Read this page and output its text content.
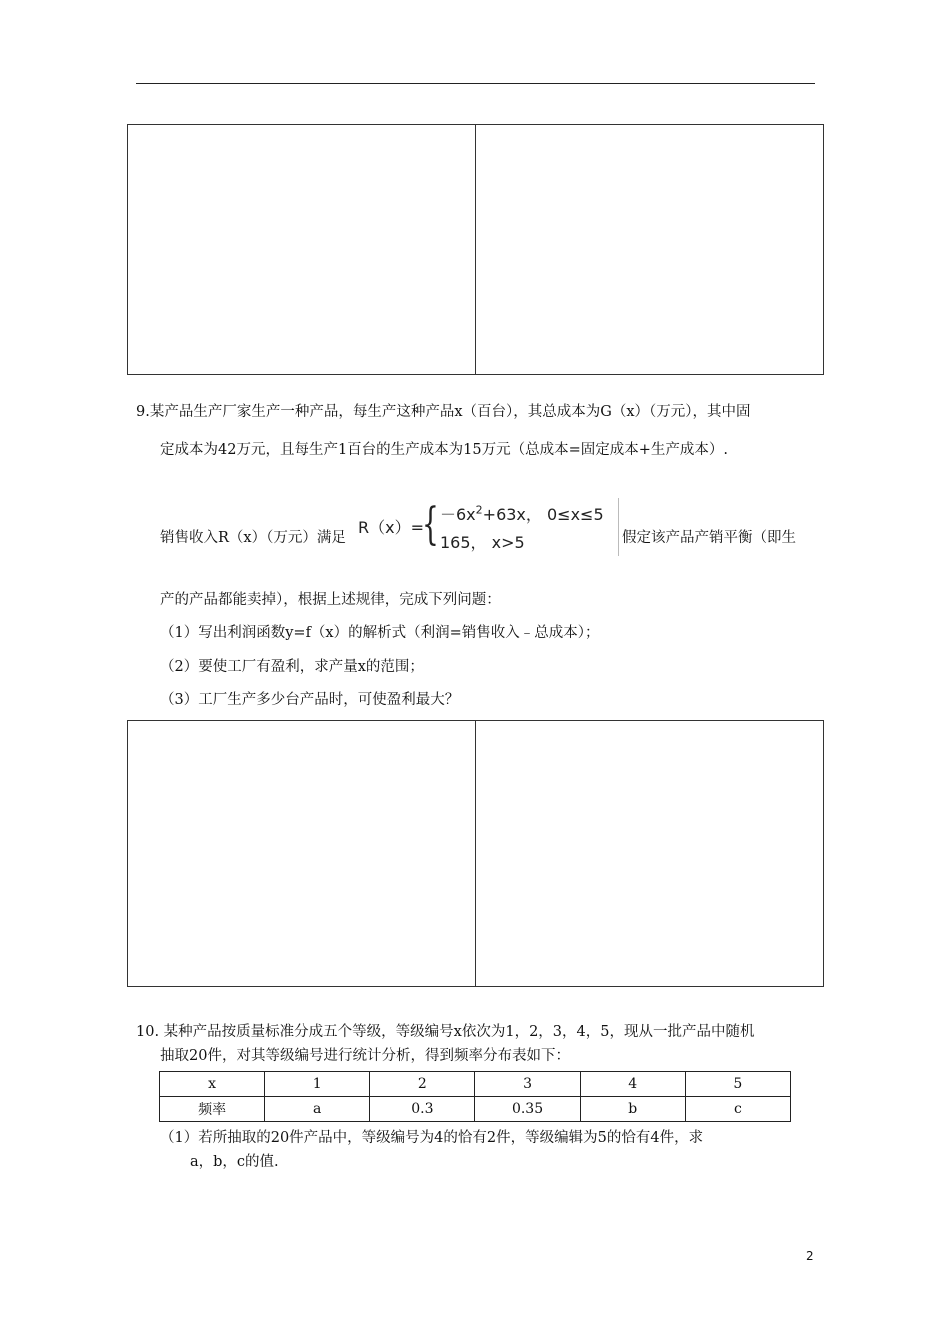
9.某产品生产厂家生产一种产品，每生产这种产品x（百台），其总成本为G（x）（万元），其中固
定成本为42万元，且每生产1百台的生产成本为15万元（总成本=固定成本+生产成本）.
销售收入R（x）（万元）满足
R（x）=
{ $-6x^2+63x$， 0≤x≤5
165， x>5	假定该产品产销平衡（即生
产的产品都能卖掉），根据上述规律，完成下列问题：
（1）写出利润函数y=f（x）的解析式（利润=销售收入﹣总成本）；
（2）要使工厂有盈利，求产量x的范围；
（3）工厂生产多少台产品时，可使盈利最大？
10. 某种产品按质量标准分成五个等级，等级编号x依次为1，2，3，4，5，现从一批产品中随机
抽取20件，对其等级编号进行统计分析，得到频率分布表如下：
x	1	2	3	4	5
频率	a	0.3	0.35	b	c
（1）若所抽取的20件产品中，等级编号为4的恰有2件，等级编辑为5的恰有4件，求
a，b，c的值.
2
